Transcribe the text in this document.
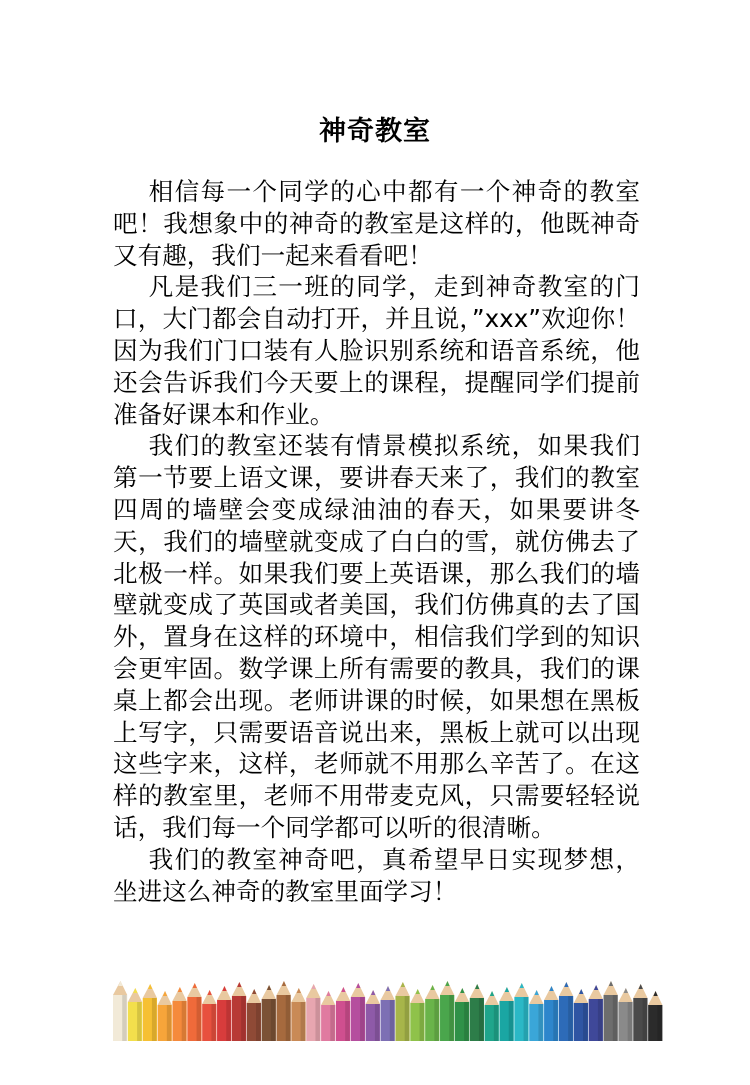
神奇教室

相信每一个同学的心中都有一个神奇的教室吧！我想象中的神奇的教室是这样的，他既神奇又有趣，我们一起来看看吧！

凡是我们三一班的同学，走到神奇教室的门口，大门都会自动打开，并且说，”xxx”欢迎你！因为我们门口装有人脸识别系统和语音系统，他还会告诉我们今天要上的课程，提醒同学们提前准备好课本和作业。

我们的教室还装有情景模拟系统，如果我们第一节要上语文课，要讲春天来了，我们的教室四周的墙壁会变成绿油油的春天，如果要讲冬天，我们的墙壁就变成了白白的雪，就仿佛去了北极一样。如果我们要上英语课，那么我们的墙壁就变成了英国或者美国，我们仿佛真的去了国外，置身在这样的环境中，相信我们学到的知识会更牢固。数学课上所有需要的教具，我们的课桌上都会出现。老师讲课的时候，如果想在黑板上写字，只需要语音说出来，黑板上就可以出现这些字来，这样，老师就不用那么辛苦了。在这样的教室里，老师不用带麦克风，只需要轻轻说话，我们每一个同学都可以听的很清晰。

我们的教室神奇吧，真希望早日实现梦想，坐进这么神奇的教室里面学习！
